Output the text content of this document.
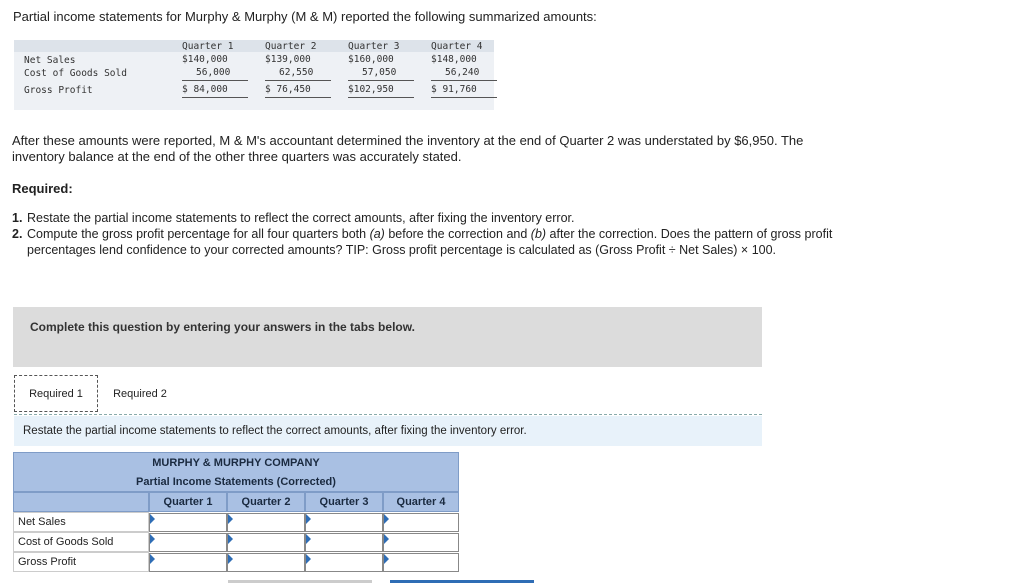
Partial income statements for Murphy & Murphy (M & M) reported the following summarized amounts:
Quarter 1	Quarter 2	Quarter 3	Quarter 4
Net Sales	$140,000	$139,000	$160,000	$148,000
Cost of Goods Sold	56,000	62,550	57,050	56,240
Gross Profit	$ 84,000	$ 76,450	$102,950	$ 91,760
After these amounts were reported, M & M's accountant determined the inventory at the end of Quarter 2 was understated by $6,950. The inventory balance at the end of the other three quarters was accurately stated.
Required:
1. Restate the partial income statements to reflect the correct amounts, after fixing the inventory error.
2. Compute the gross profit percentage for all four quarters both (a) before the correction and (b) after the correction. Does the pattern of gross profit percentages lend confidence to your corrected amounts? TIP: Gross profit percentage is calculated as (Gross Profit ÷ Net Sales) × 100.
Complete this question by entering your answers in the tabs below.
Required 1	Required 2
Restate the partial income statements to reflect the correct amounts, after fixing the inventory error.
MURPHY & MURPHY COMPANY
Partial Income Statements (Corrected)
Quarter 1	Quarter 2	Quarter 3	Quarter 4
Net Sales
Cost of Goods Sold
Gross Profit
